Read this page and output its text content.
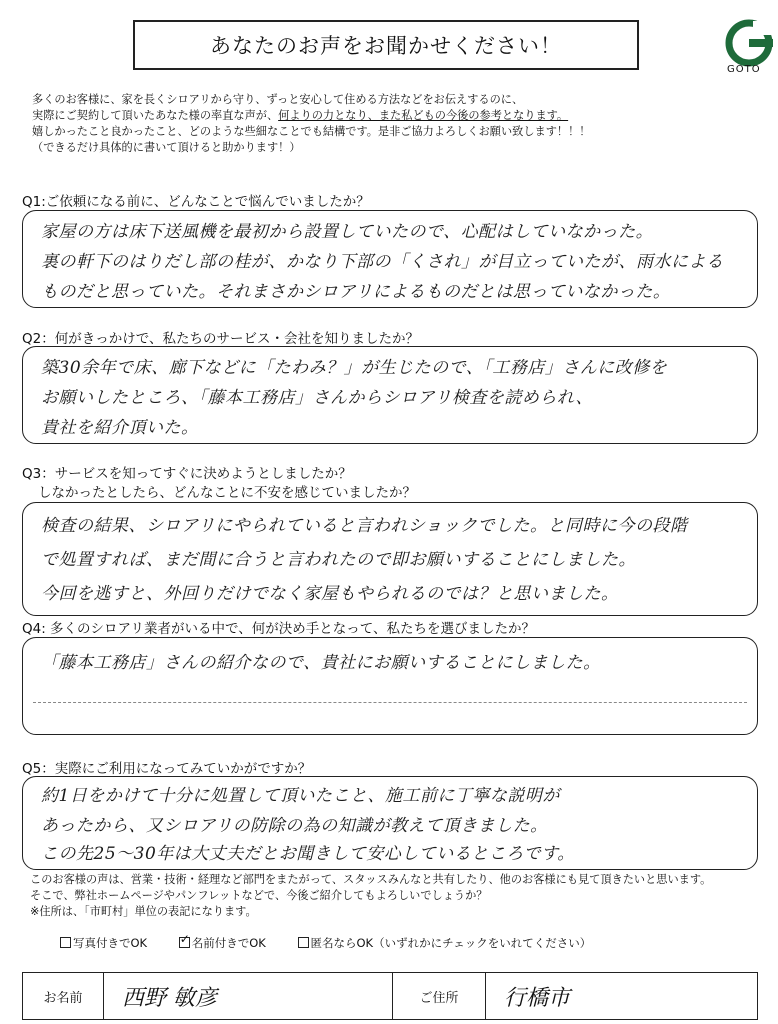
あなたのお声をお聞かせください！
GOTO

多くのお客様に、家を長くシロアリから守り、ずっと安心して住める方法などをお伝えするのに、

実際にご契約して頂いたあなた様の率直な声が、何よりの力となり、また私どもの今後の参考となります。

嬉しかったこと良かったこと、どのような些細なことでも結構です。是非ご協力よろしくお願い致します！！！

（できるだけ具体的に書いて頂けると助かります！）

Q1:ご依頼になる前に、どんなことで悩んでいましたか？
家屋の方は床下送風機を最初から設置していたので、心配はしていなかった。
裏の軒下のはりだし部の桂が、かなり下部の「くされ」が目立っていたが、雨水による
ものだと思っていた。それまさかシロアリによるものだとは思っていなかった。
Q2：何がきっかけで、私たちのサービス・会社を知りましたか？
築30余年で床、廊下などに「たわみ？」が生じたので、「工務店」さんに改修を
お願いしたところ、「藤本工務店」さんからシロアリ検査を読められ、
貴社を紹介頂いた。
Q3：サービスを知ってすぐに決めようとしましたか？
しなかったとしたら、どんなことに不安を感じていましたか？
検査の結果、シロアリにやられていると言われショックでした。と同時に今の段階
で処置すれば、まだ間に合うと言われたので即お願いすることにしました。
今回を逃すと、外回りだけでなく家屋もやられるのでは？と思いました。
Q4: 多くのシロアリ業者がいる中で、何が決め手となって、私たちを選びましたか？
「藤本工務店」さんの紹介なので、貴社にお願いすることにしました。
Q5：実際にご利用になってみていかがですか？
約1日をかけて十分に処置して頂いたこと、施工前に丁寧な説明が
あったから、又シロアリの防除の為の知識が教えて頂きました。
この先25〜30年は大丈夫だとお聞きして安心しているところです。

このお客様の声は、営業・技術・経理など部門をまたがって、スタッスみんなと共有したり、他のお客様にも見て頂きたいと思います。

そこで、弊社ホームページやパンフレットなどで、今後ご紹介してもよろしいでしょうか？

※住所は、「市町村」単位の表記になります。

写真付きでOK ✓	名前付きでOK	匿名ならOK（いずれかにチェックをいれてください）
お名前	西野 敏彦	ご住所	行橋市
